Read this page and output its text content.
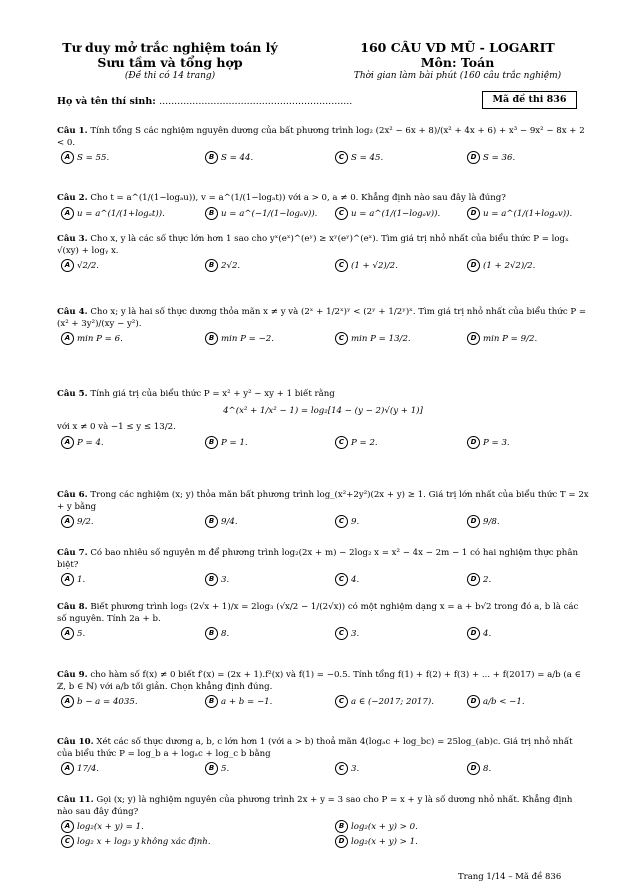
Tư duy mở trắc nghiệm toán lý
Sưu tầm và tổng hợp
(Đề thi có 14 trang)
160 CÂU VD MŨ - LOGARIT
Môn: Toán
Thời gian làm bài phút (160 câu trắc nghiệm)
Họ và tên thí sinh: ................................................................	Mã đề thi 836
Câu 1. Tính tổng S các nghiệm nguyên dương của bất phương trình log₂ (2x² − 6x + 8)/(x² + 4x + 6) + x³ − 9x² − 8x + 2 < 0.
A S = 55.	B S = 44.	C S = 45.	D S = 36.
Câu 2. Cho t = a^(1/(1−logₐu)), v = a^(1/(1−logₐt)) với a > 0, a ≠ 0. Khẳng định nào sau đây là đúng?
A u = a^(1/(1+logₐt)).	B u = a^(−1/(1−logₐv)).	C u = a^(1/(1−logₐv)).	D u = a^(1/(1+logₐv)).
Câu 3. Cho x, y là các số thực lớn hơn 1 sao cho yˣ(eˣ)^(eʸ) ≥ xʸ(eʸ)^(eˣ). Tìm giá trị nhỏ nhất của biểu thức P = logₓ √(xy) + logᵧ x.
A √2/2.	B 2√2.	C (1 + √2)/2.	D (1 + 2√2)/2.
Câu 4. Cho x; y là hai số thực dương thỏa mãn x ≠ y và (2ˣ + 1/2ˣ)ʸ < (2ʸ + 1/2ʸ)ˣ. Tìm giá trị nhỏ nhất của biểu thức P = (x² + 3y²)/(xy − y²).
A min P = 6.	B min P = −2.	C min P = 13/2.	D min P = 9/2.
Câu 5. Tính giá trị của biểu thức P = x² + y² − xy + 1 biết rằng
4^(x² + 1/x² − 1) = log₂[14 − (y − 2)√(y + 1)]
với x ≠ 0 và −1 ≤ y ≤ 13/2.
A P = 4.	B P = 1.	C P = 2.	D P = 3.
Câu 6. Trong các nghiệm (x; y) thỏa mãn bất phương trình log_(x²+2y²)(2x + y) ≥ 1. Giá trị lớn nhất của biểu thức T = 2x + y bằng
A 9/2.	B 9/4.	C 9.	D 9/8.
Câu 7. Có bao nhiêu số nguyên m để phương trình log₂(2x + m) − 2log₂ x = x² − 4x − 2m − 1 có hai nghiệm thực phân biệt?
A 1.	B 3.	C 4.	D 2.
Câu 8. Biết phương trình log₅ (2√x + 1)/x = 2log₃ (√x/2 − 1/(2√x)) có một nghiệm dạng x = a + b√2 trong đó a, b là các số nguyên. Tính 2a + b.
A 5.	B 8.	C 3.	D 4.
Câu 9. cho hàm số f(x) ≠ 0 biết f′(x) = (2x + 1).f²(x) và f(1) = −0.5. Tính tổng f(1) + f(2) + f(3) + ... + f(2017) = a/b (a ∈ ℤ, b ∈ ℕ) với a/b tối giản. Chọn khẳng định đúng.
A b − a = 4035.	B a + b = −1.	C a ∈ (−2017; 2017).	D a/b < −1.
Câu 10. Xét các số thực dương a, b, c lớn hơn 1 (với a > b) thoả mãn 4(logₐc + log_bc) = 25log_(ab)c. Giá trị nhỏ nhất của biểu thức P = log_b a + logₐc + log_c b bằng
A 17/4.	B 5.	C 3.	D 8.
Câu 11. Gọi (x; y) là nghiệm nguyên của phương trình 2x + y = 3 sao cho P = x + y là số dương nhỏ nhất. Khẳng định nào sau đây đúng?
A log₂(x + y) = 1.	B log₂(x + y) > 0.
C log₂ x + log₃ y không xác định.	D log₂(x + y) > 1.
Trang 1/14 – Mã đề 836
